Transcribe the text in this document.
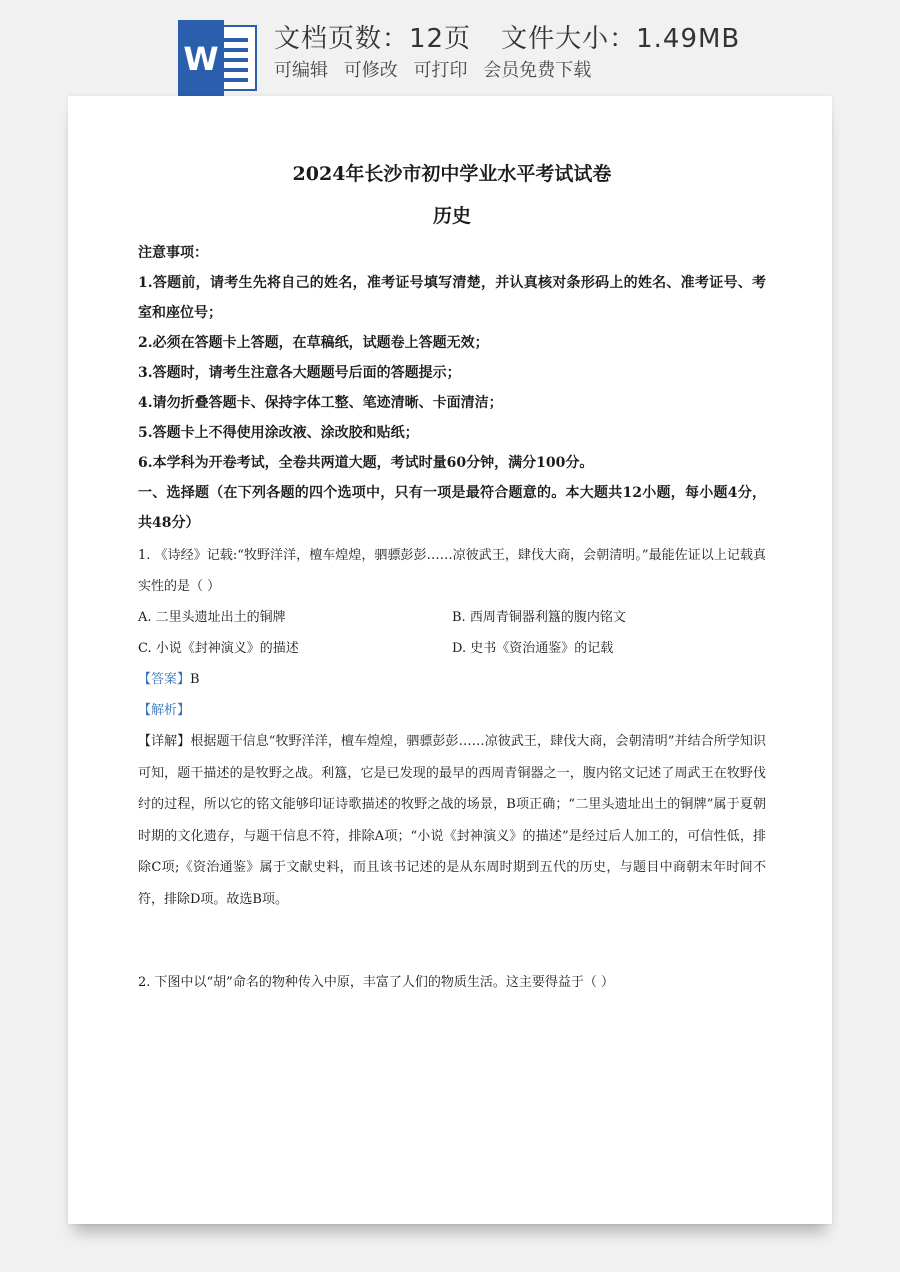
W
文档页数：12页 文件大小：1.49MB
可编辑 可修改 可打印 会员免费下载
2024年长沙市初中学业水平考试试卷
历史
注意事项：
1.答题前，请考生先将自己的姓名，准考证号填写清楚，并认真核对条形码上的姓名、准考证号、考室和座位号；
2.必须在答题卡上答题，在草稿纸，试题卷上答题无效；
3.答题时，请考生注意各大题题号后面的答题提示；
4.请勿折叠答题卡、保持字体工整、笔迹清晰、卡面清洁；
5.答题卡上不得使用涂改液、涂改胶和贴纸；
6.本学科为开卷考试，全卷共两道大题，考试时量60分钟，满分100分。
一、选择题（在下列各题的四个选项中，只有一项是最符合题意的。本大题共12小题，每小题4分，共48分）
1. 《诗经》记载:“牧野洋洋，檀车煌煌，驷骠彭彭……凉彼武王，肆伐大商，会朝清明。”最能佐证以上记载真实性的是（ ）
A. 二里头遗址出土的铜牌	B. 西周青铜器利簋的腹内铭文
C. 小说《封神演义》的描述	D. 史书《资治通鉴》的记载
【答案】B
【解析】
【详解】根据题干信息“牧野洋洋，檀车煌煌，驷骠彭彭……凉彼武王，肆伐大商，会朝清明”并结合所学知识可知，题干描述的是牧野之战。利簋，它是已发现的最早的西周青铜器之一，腹内铭文记述了周武王在牧野伐纣的过程，所以它的铭文能够印证诗歌描述的牧野之战的场景，B项正确；“二里头遗址出土的铜牌”属于夏朝时期的文化遗存，与题干信息不符，排除A项；“小说《封神演义》的描述”是经过后人加工的，可信性低，排除C项;《资治通鉴》属于文献史料，而且该书记述的是从东周时期到五代的历史，与题目中商朝末年时间不符，排除D项。故选B项。
2. 下图中以“胡”命名的物种传入中原，丰富了人们的物质生活。这主要得益于（ ）
